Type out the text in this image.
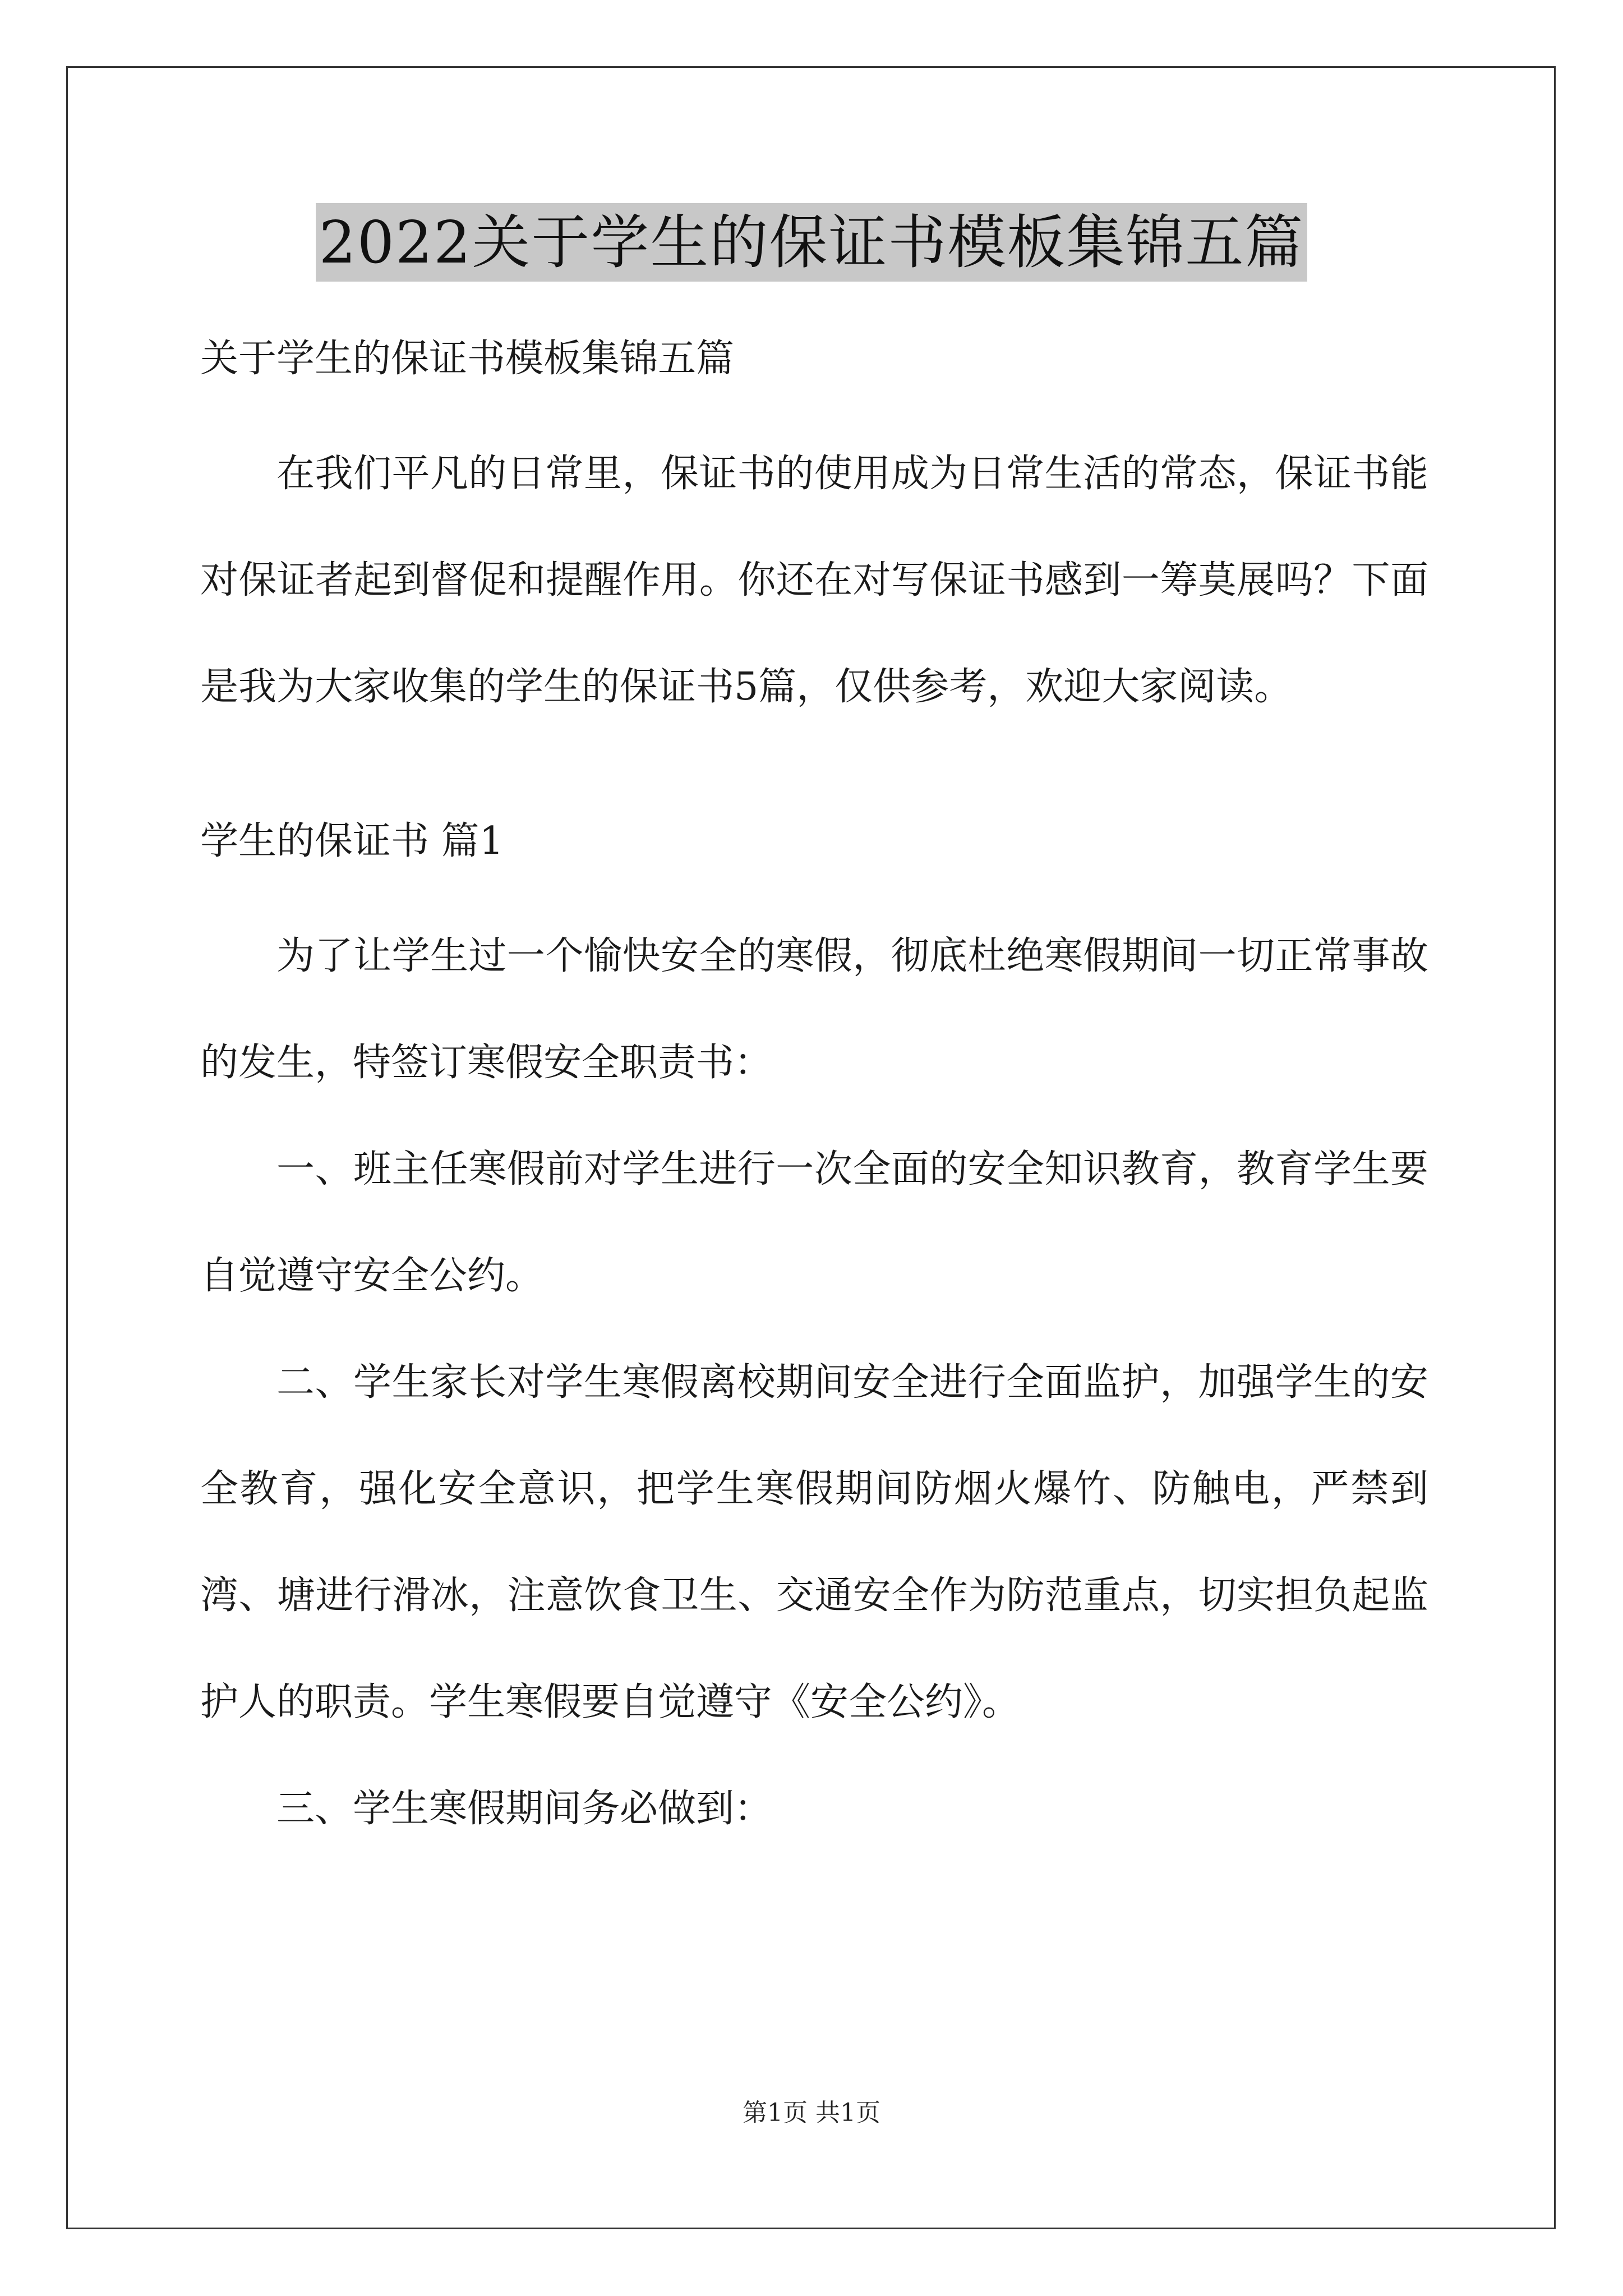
2022关于学生的保证书模板集锦五篇

关于学生的保证书模板集锦五篇

在我们平凡的日常里，保证书的使用成为日常生活的常态，保证书能对保证者起到督促和提醒作用。你还在对写保证书感到一筹莫展吗？下面是我为大家收集的学生的保证书5篇，仅供参考，欢迎大家阅读。

学生的保证书 篇1

为了让学生过一个愉快安全的寒假，彻底杜绝寒假期间一切正常事故的发生，特签订寒假安全职责书：

一、班主任寒假前对学生进行一次全面的安全知识教育，教育学生要自觉遵守安全公约。

二、学生家长对学生寒假离校期间安全进行全面监护，加强学生的安全教育，强化安全意识，把学生寒假期间防烟火爆竹、防触电，严禁到湾、塘进行滑冰，注意饮食卫生、交通安全作为防范重点，切实担负起监护人的职责。学生寒假要自觉遵守《安全公约》。

三、学生寒假期间务必做到：

第1页 共1页
